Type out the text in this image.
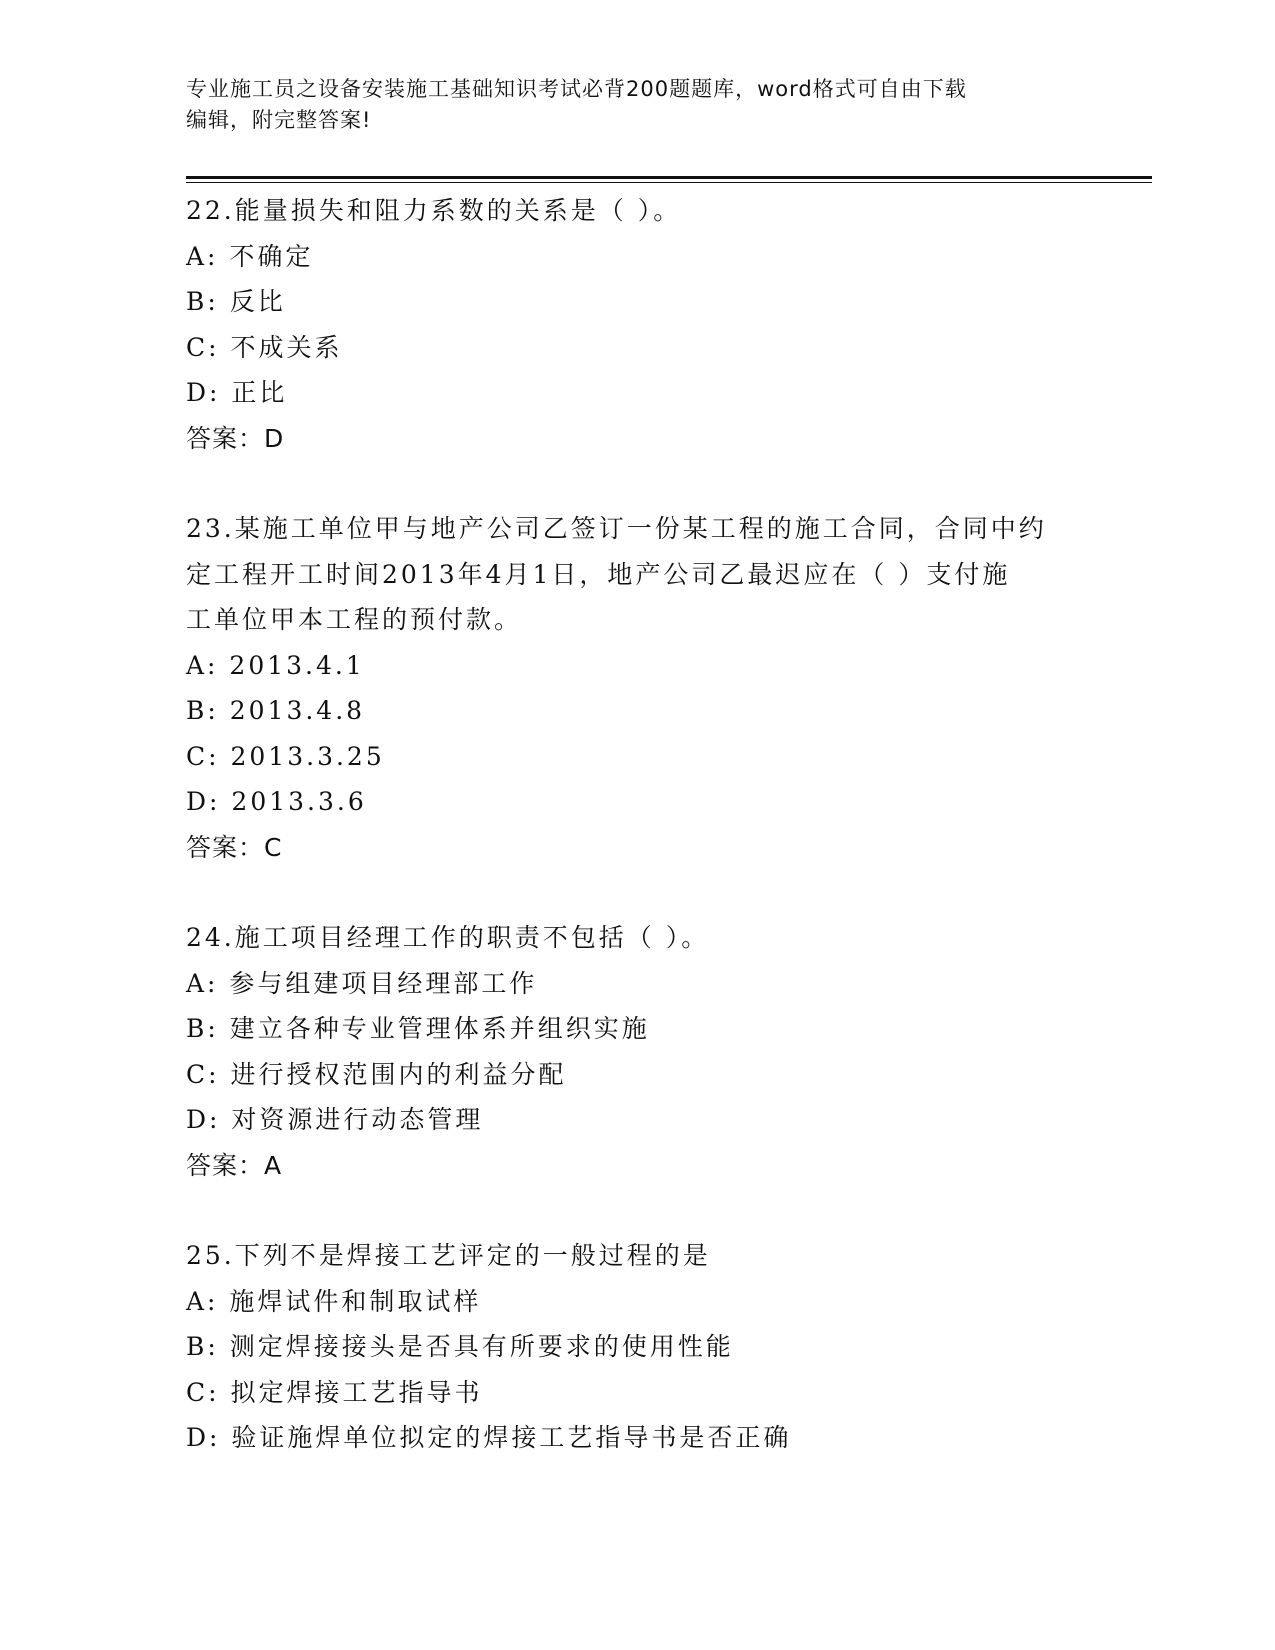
专业施工员之设备安装施工基础知识考试必背200题题库，word格式可自由下载
编辑，附完整答案!
22.能量损失和阻力系数的关系是（ ）。
A: 不确定
B: 反比
C: 不成关系
D: 正比
答案：D
23.某施工单位甲与地产公司乙签订一份某工程的施工合同，合同中约
定工程开工时间2013年4月1日，地产公司乙最迟应在（ ）支付施
工单位甲本工程的预付款。
A: 2013.4.1
B: 2013.4.8
C: 2013.3.25
D: 2013.3.6
答案：C
24.施工项目经理工作的职责不包括（ ）。
A: 参与组建项目经理部工作
B: 建立各种专业管理体系并组织实施
C: 进行授权范围内的利益分配
D: 对资源进行动态管理
答案：A
25.下列不是焊接工艺评定的一般过程的是
A: 施焊试件和制取试样
B: 测定焊接接头是否具有所要求的使用性能
C: 拟定焊接工艺指导书
D: 验证施焊单位拟定的焊接工艺指导书是否正确
